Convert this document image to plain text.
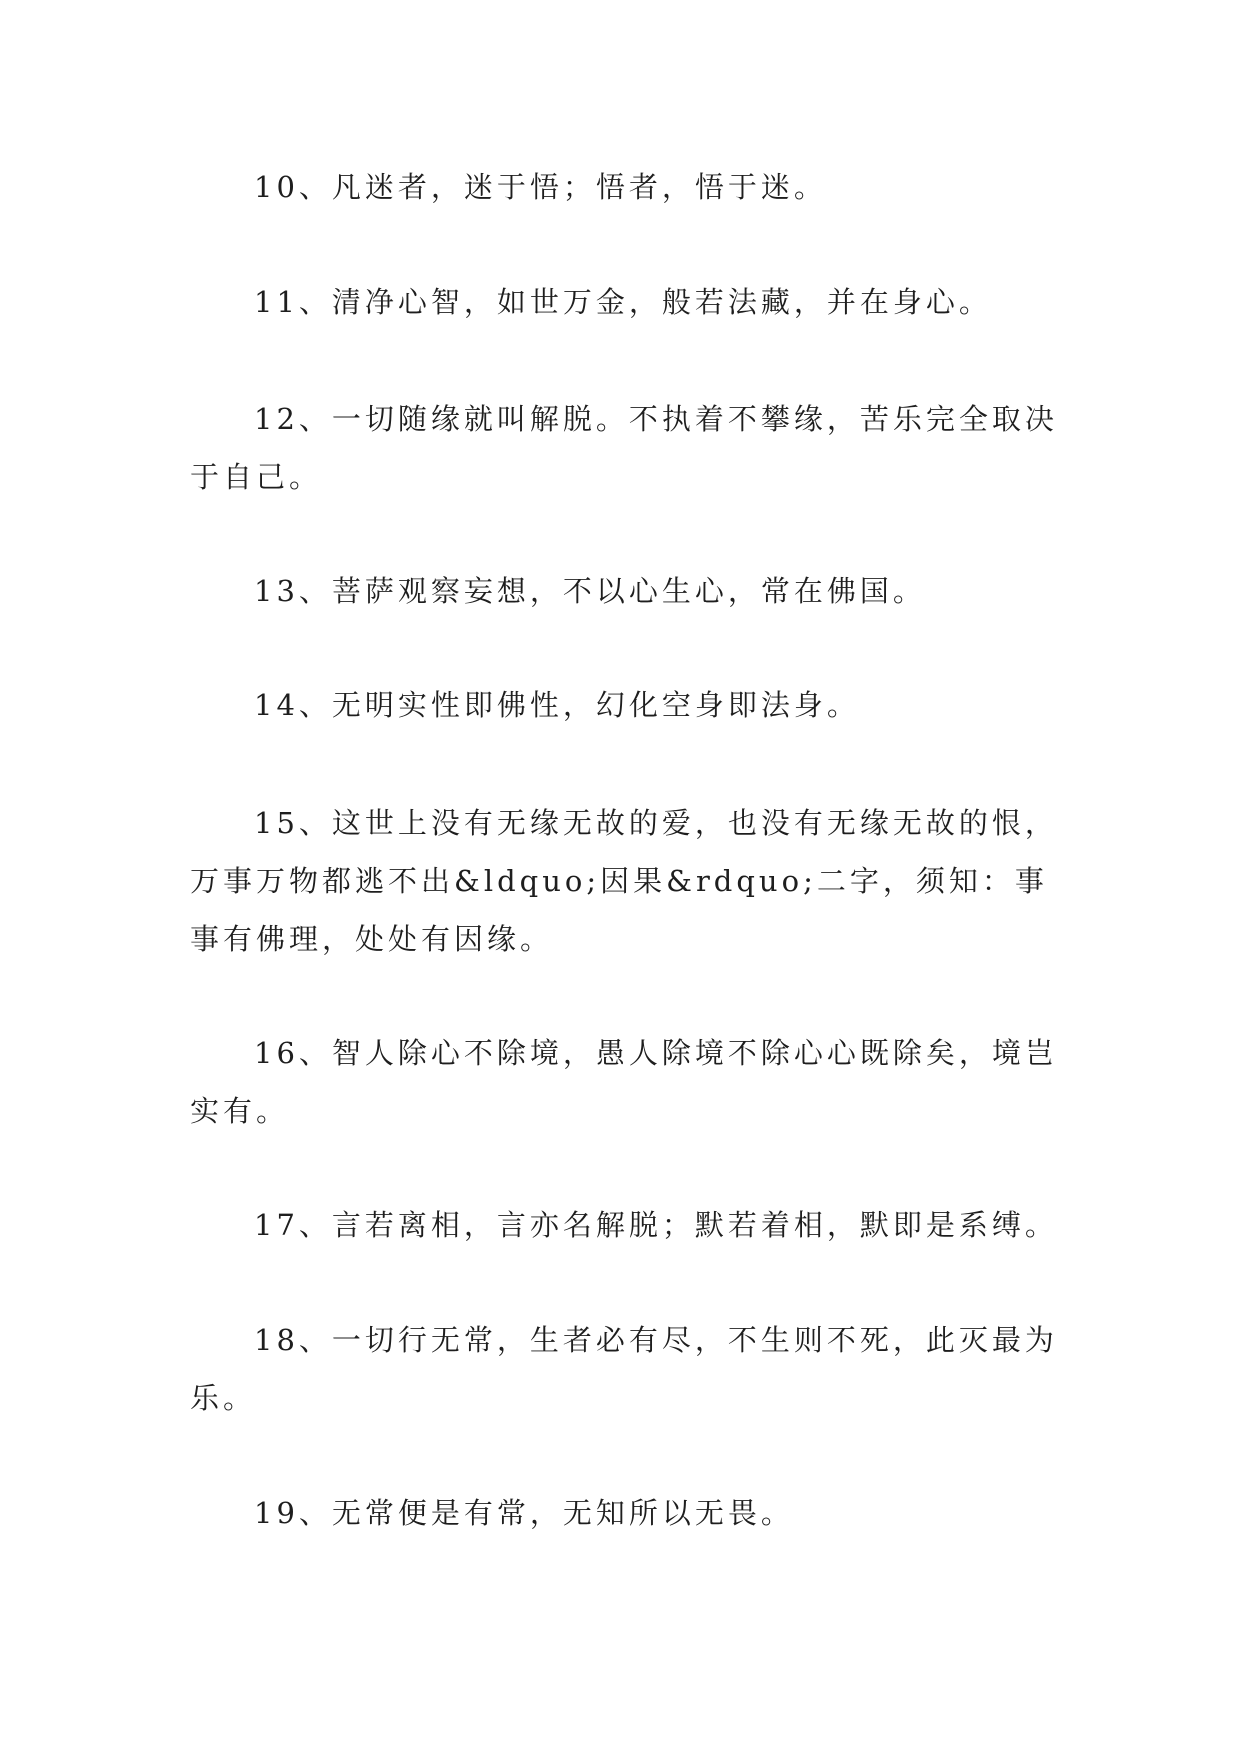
10、凡迷者，迷于悟；悟者，悟于迷。

11、清净心智，如世万金，般若法藏，并在身心。

12、一切随缘就叫解脱。不执着不攀缘，苦乐完全取决于自己。

13、菩萨观察妄想，不以心生心，常在佛国。

14、无明实性即佛性，幻化空身即法身。

15、这世上没有无缘无故的爱，也没有无缘无故的恨，万事万物都逃不出&ldquo;因果&rdquo;二字，须知：事事有佛理，处处有因缘。

16、智人除心不除境，愚人除境不除心心既除矣，境岂实有。

17、言若离相，言亦名解脱；默若着相，默即是系缚。

18、一切行无常，生者必有尽，不生则不死，此灭最为乐。

19、无常便是有常，无知所以无畏。
